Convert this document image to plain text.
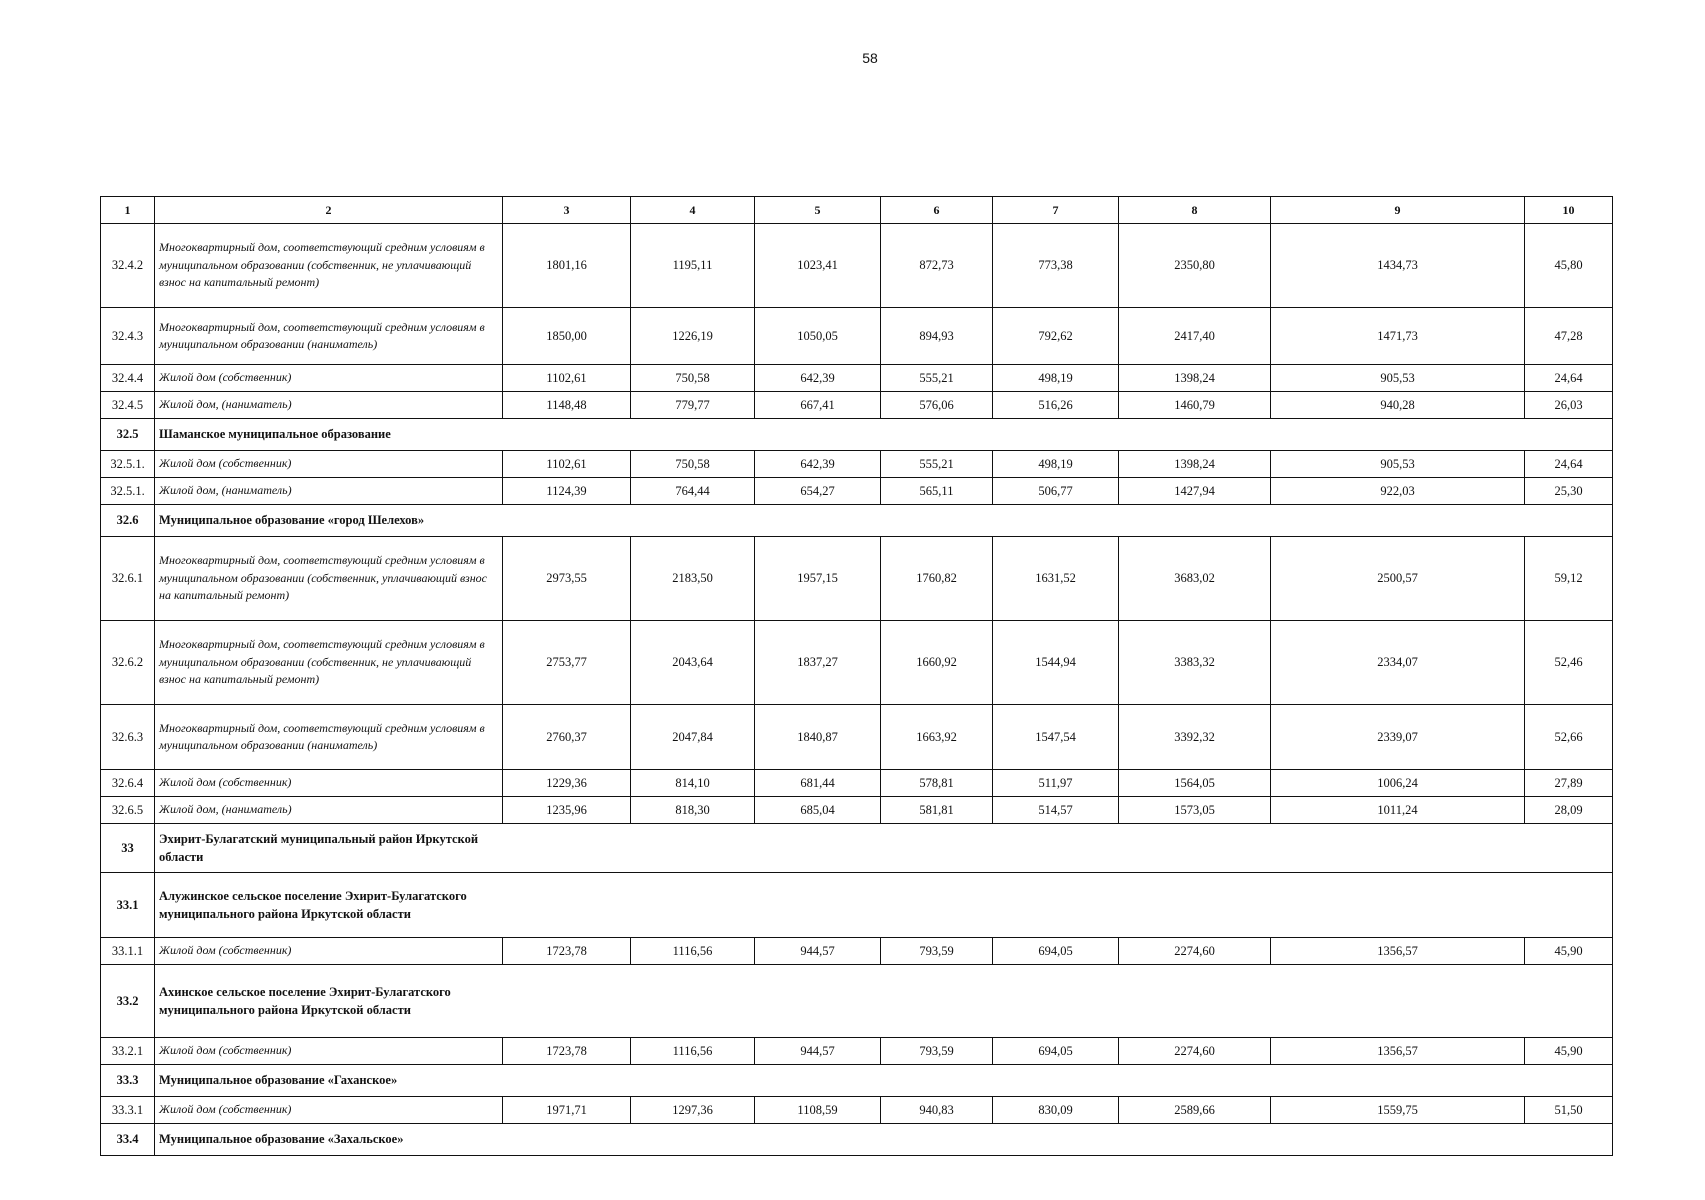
58
1	2	3	4	5	6	7	8	9	10
32.4.2	Многоквартирный дом, соответствующий средним условиям в муниципальном образовании (собственник, не уплачивающий взнос на капитальный ремонт)	1801,16	1195,11	1023,41	872,73	773,38	2350,80	1434,73	45,80
32.4.3	Многоквартирный дом, соответствующий средним условиям в муниципальном образовании (наниматель)	1850,00	1226,19	1050,05	894,93	792,62	2417,40	1471,73	47,28
32.4.4	Жилой дом (собственник)	1102,61	750,58	642,39	555,21	498,19	1398,24	905,53	24,64
32.4.5	Жилой дом, (наниматель)	1148,48	779,77	667,41	576,06	516,26	1460,79	940,28	26,03
32.5	Шаманское муниципальное образование								
32.5.1.	Жилой дом (собственник)	1102,61	750,58	642,39	555,21	498,19	1398,24	905,53	24,64
32.5.1.	Жилой дом, (наниматель)	1124,39	764,44	654,27	565,11	506,77	1427,94	922,03	25,30
32.6	Муниципальное образование «город Шелехов»								
32.6.1	Многоквартирный дом, соответствующий средним условиям в муниципальном образовании (собственник, уплачивающий взнос на капитальный ремонт)	2973,55	2183,50	1957,15	1760,82	1631,52	3683,02	2500,57	59,12
32.6.2	Многоквартирный дом, соответствующий средним условиям в муниципальном образовании (собственник, не уплачивающий взнос на капитальный ремонт)	2753,77	2043,64	1837,27	1660,92	1544,94	3383,32	2334,07	52,46
32.6.3	Многоквартирный дом, соответствующий средним условиям в муниципальном образовании (наниматель)	2760,37	2047,84	1840,87	1663,92	1547,54	3392,32	2339,07	52,66
32.6.4	Жилой дом (собственник)	1229,36	814,10	681,44	578,81	511,97	1564,05	1006,24	27,89
32.6.5	Жилой дом, (наниматель)	1235,96	818,30	685,04	581,81	514,57	1573,05	1011,24	28,09
33	Эхирит-Булагатский муниципальный район Иркутской области								
33.1	Алужинское сельское поселение Эхирит-Булагатского муниципального района Иркутской области								
33.1.1	Жилой дом (собственник)	1723,78	1116,56	944,57	793,59	694,05	2274,60	1356,57	45,90
33.2	Ахинское сельское поселение Эхирит-Булагатского муниципального района Иркутской области								
33.2.1	Жилой дом (собственник)	1723,78	1116,56	944,57	793,59	694,05	2274,60	1356,57	45,90
33.3	Муниципальное образование «Гаханское»								
33.3.1	Жилой дом (собственник)	1971,71	1297,36	1108,59	940,83	830,09	2589,66	1559,75	51,50
33.4	Муниципальное образование «Захальское»								
